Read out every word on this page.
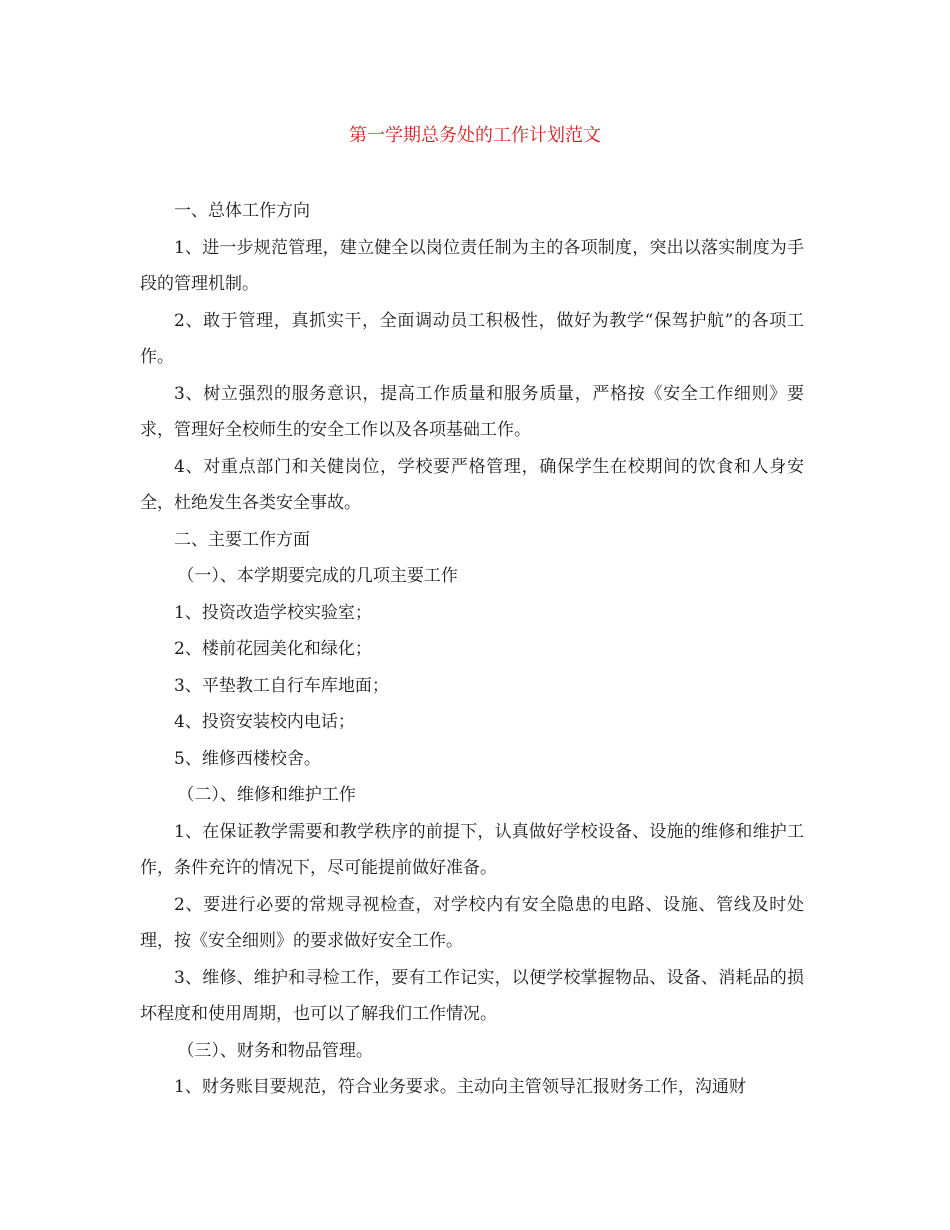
第一学期总务处的工作计划范文

一、总体工作方向

1、进一步规范管理，建立健全以岗位责任制为主的各项制度，突出以落实制度为手段的管理机制。

2、敢于管理，真抓实干，全面调动员工积极性，做好为教学“保驾护航”的各项工作。

3、树立强烈的服务意识，提高工作质量和服务质量，严格按《安全工作细则》要求，管理好全校师生的安全工作以及各项基础工作。

4、对重点部门和关健岗位，学校要严格管理，确保学生在校期间的饮食和人身安全，杜绝发生各类安全事故。

二、主要工作方面

（一）、本学期要完成的几项主要工作

1、投资改造学校实验室；

2、楼前花园美化和绿化；

3、平垫教工自行车库地面；

4、投资安装校内电话；

5、维修西楼校舍。

（二）、维修和维护工作

1、在保证教学需要和教学秩序的前提下，认真做好学校设备、设施的维修和维护工作，条件充许的情况下，尽可能提前做好准备。

2、要进行必要的常规寻视检查，对学校内有安全隐患的电路、设施、管线及时处理，按《安全细则》的要求做好安全工作。

3、维修、维护和寻检工作，要有工作记实，以便学校掌握物品、设备、消耗品的损坏程度和使用周期，也可以了解我们工作情况。

（三）、财务和物品管理。

1、财务账目要规范，符合业务要求。主动向主管领导汇报财务工作，沟通财
